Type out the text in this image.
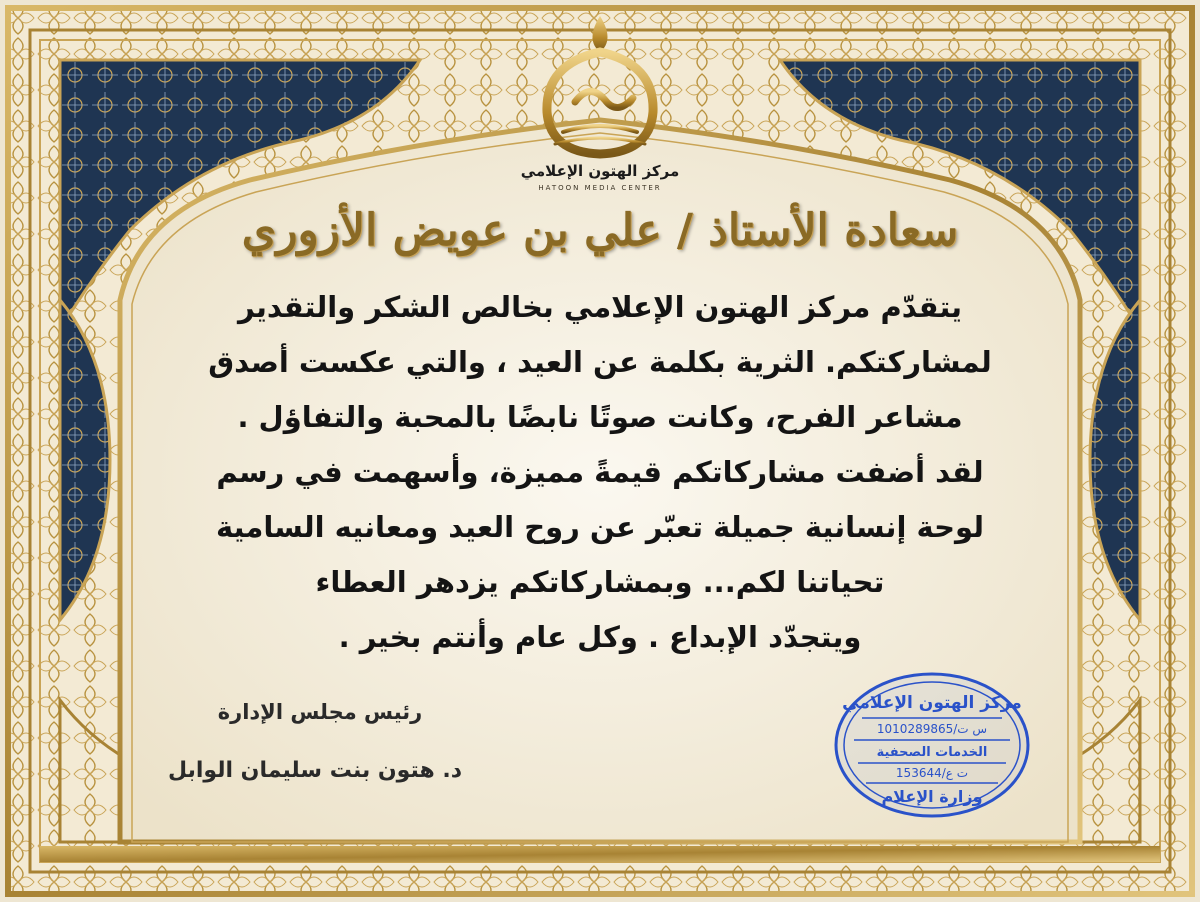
مركز الهتون الإعلامي
HATOON MEDIA CENTER
سعادة الأستاذ / علي بن عويض الأزوري
يتقدّم مركز الهتون الإعلامي بخالص الشكر والتقدير
لمشاركتكم. الثرية بكلمة عن العيد ، والتي عكست أصدق
مشاعر الفرح، وكانت صوتًا نابضًا بالمحبة والتفاؤل .
لقد أضفت مشاركاتكم قيمةً مميزة، وأسهمت في رسم
لوحة إنسانية جميلة تعبّر عن روح العيد ومعانيه السامية
تحياتنا لكم... وبمشاركاتكم يزدهر العطاء
ويتجدّد الإبداع . وكل عام وأنتم بخير .
رئيس مجلس الإدارة
د. هتون بنت سليمان الوابل
مركز الهتون الإعلامي
س ت/1010289865
الخدمات الصحفية
ت ع/153644
وزارة الإعلام
